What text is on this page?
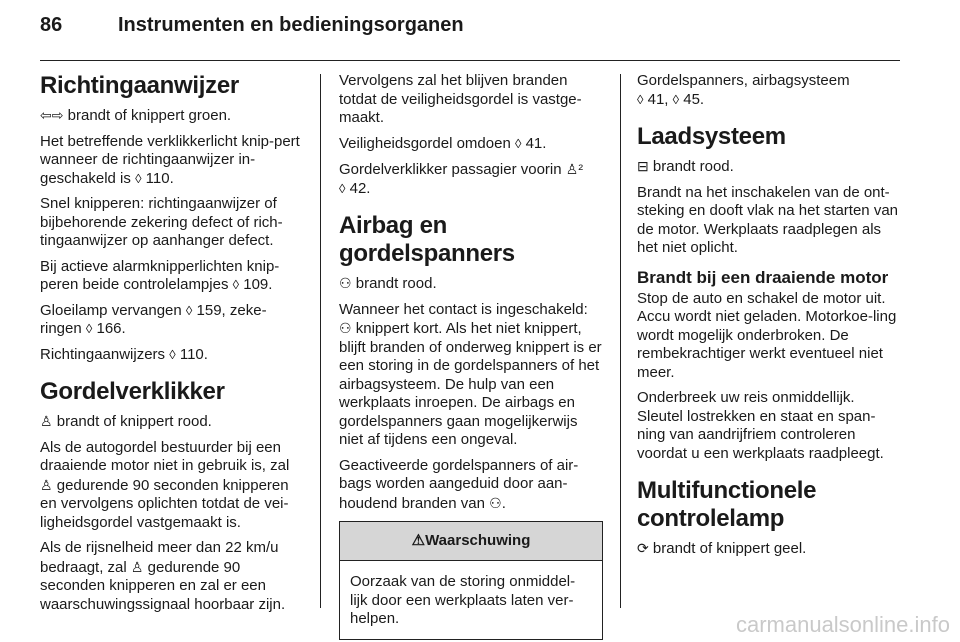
86	Instrumenten en bedieningsorganen
Richtingaanwijzer

⇦⇨ brandt of knippert groen.

Het betreffende verklikkerlicht knip-pert wanneer de richtingaanwijzer in-geschakeld is ◊ 110.

Snel knipperen: richtingaanwijzer of bijbehorende zekering defect of rich-tingaanwijzer op aanhanger defect.

Bij actieve alarmknipperlichten knip-peren beide controlelampjes ◊ 109.

Gloeilamp vervangen ◊ 159, zeke-ringen ◊ 166.

Richtingaanwijzers ◊ 110.

Gordelverklikker

♙ brandt of knippert rood.

Als de autogordel bestuurder bij een draaiende motor niet in gebruik is, zal ♙ gedurende 90 seconden knipperen en vervolgens oplichten totdat de vei-ligheidsgordel vastgemaakt is.

Als de rijsnelheid meer dan 22 km/u bedraagt, zal ♙ gedurende 90 seconden knipperen en zal er een waarschuwingssignaal hoorbaar zijn.

Vervolgens zal het blijven branden totdat de veiligheidsgordel is vastge-maakt.

Veiligheidsgordel omdoen ◊ 41.

Gordelverklikker passagier voorin ♙²
◊ 42.

Airbag en gordelspanners

⚇ brandt rood.

Wanneer het contact is ingeschakeld: ⚇ knippert kort. Als het niet knippert, blijft branden of onderweg knippert is er een storing in de gordelspanners of het airbagsysteem. De hulp van een werkplaats inroepen. De airbags en gordelspanners gaan mogelijkerwijs niet af tijdens een ongeval.

Geactiveerde gordelspanners of air-bags worden aangeduid door aan-houdend branden van ⚇.

⚠ Waarschuwing
Oorzaak van de storing onmiddel-lijk door een werkplaats laten ver-helpen.

Gordelspanners, airbagsysteem
◊ 41, ◊ 45.

Laadsysteem

⊟ brandt rood.

Brandt na het inschakelen van de ont-steking en dooft vlak na het starten van de motor. Werkplaats raadplegen als het niet oplicht.

Brandt bij een draaiende motor

Stop de auto en schakel de motor uit. Accu wordt niet geladen. Motorkoe-ling wordt mogelijk onderbroken. De rembekrachtiger werkt eventueel niet meer.

Onderbreek uw reis onmiddellijk. Sleutel lostrekken en staat en span-ning van aandrijfriem controleren voordat u een werkplaats raadpleegt.

Multifunctionele controlelamp

⟳ brandt of knippert geel.

carmanualsonline.info
